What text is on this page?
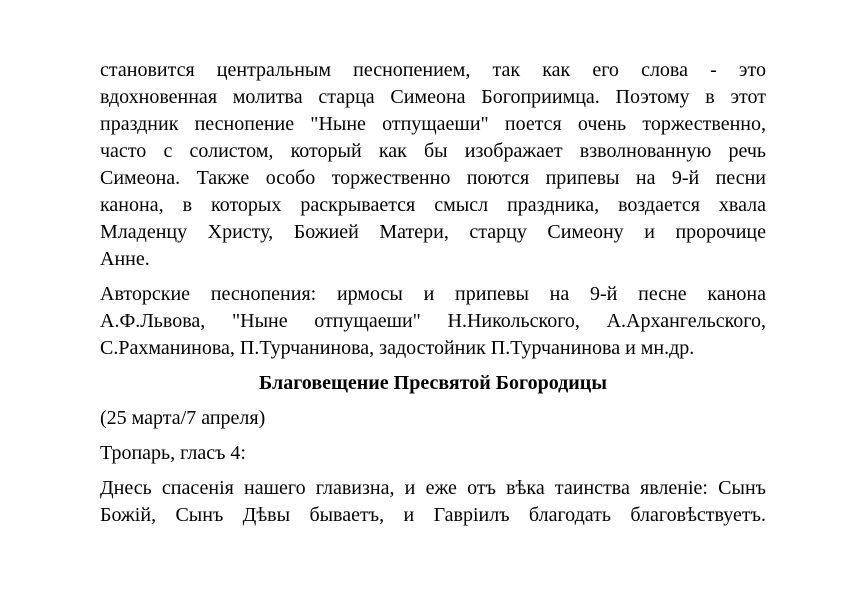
становится центральным песнопением, так как его слова - это
вдохновенная молитва старца Симеона Богоприимца. Поэтому в этот
праздник песнопение "Ныне отпущаеши" поется очень торжественно,
часто с солистом, который как бы изображает взволнованную речь
Симеона. Также особо торжественно поются припевы на 9-й песни
канона, в которых раскрывается смысл праздника, воздается хвала
Младенцу Христу, Божией Матери, старцу Симеону и пророчице
Анне.
Авторские песнопения: ирмосы и припевы на 9-й песне канона
А.Ф.Львова, "Ныне отпущаеши" Н.Никольского, А.Архангельского,
С.Рахманинова, П.Турчанинова, задостойник П.Турчанинова и мн.др.
Благовещение Пресвятой Богородицы
(25 марта/7 апреля)
Тропарь, гласъ 4:
Днесь спасенія нашего главизна, и еже отъ вѣка таинства явленіе: Сынъ
Божій, Сынъ Дѣвы бываетъ, и Гавріилъ благодать благовѣствуетъ.
